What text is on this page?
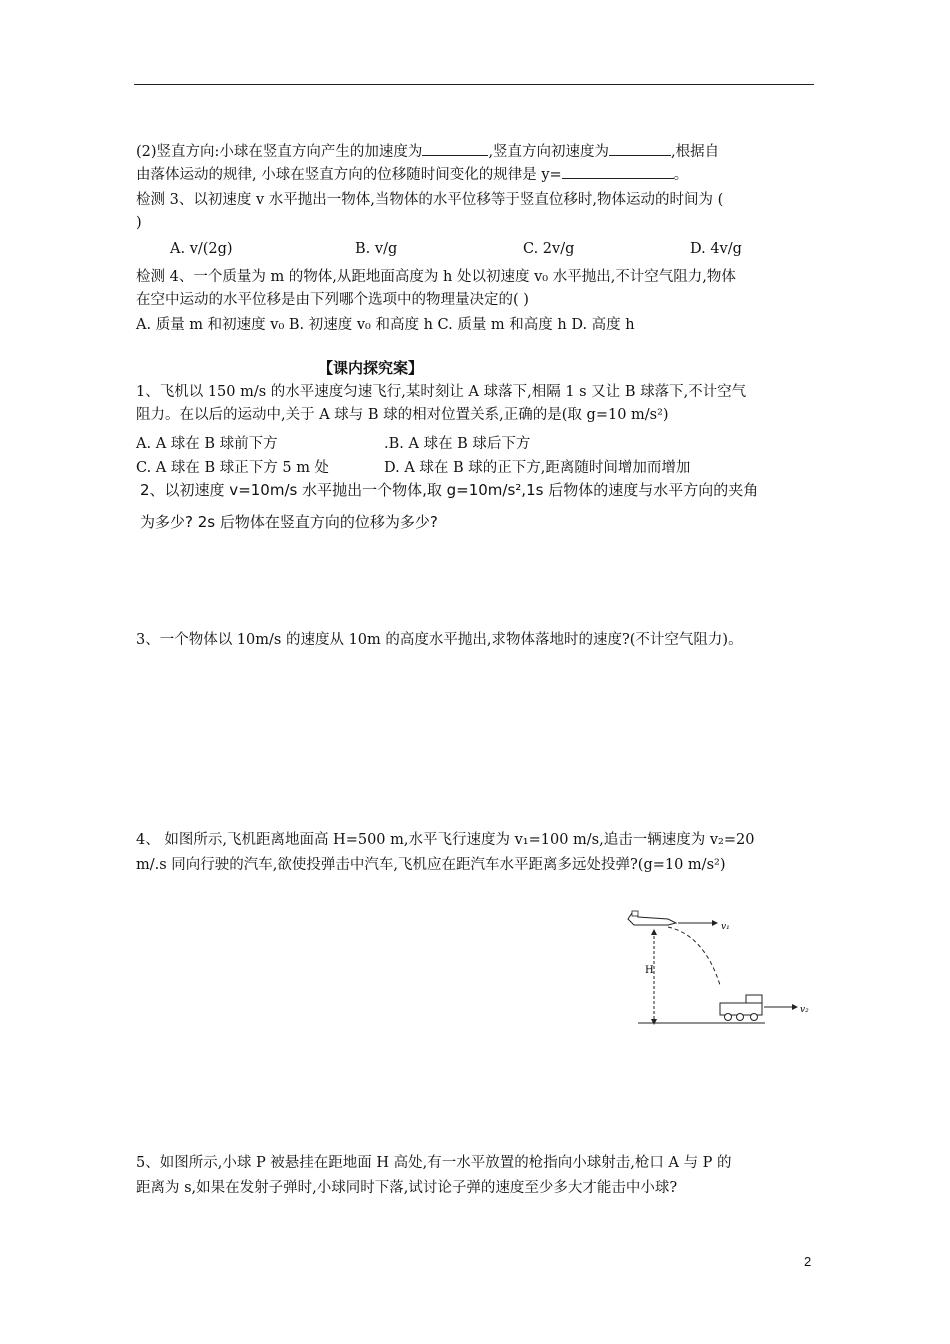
(2)竖直方向:小球在竖直方向产生的加速度为	,竖直方向初速度为	,根据自
由落体运动的规律, 小球在竖直方向的位移随时间变化的规律是 y=	。
检测 3、以初速度 v 水平抛出一物体,当物体的水平位移等于竖直位移时,物体运动的时间为 (
)
A. v/(2g)	B. v/g	C. 2v/g	D. 4v/g
检测 4、一个质量为 m 的物体,从距地面高度为 h 处以初速度 v₀ 水平抛出,不计空气阻力,物体
在空中运动的水平位移是由下列哪个选项中的物理量决定的( )
A. 质量 m 和初速度 v₀ B. 初速度 v₀ 和高度 h C. 质量 m 和高度 h D. 高度 h
【课内探究案】
1、飞机以 150 m/s 的水平速度匀速飞行,某时刻让 A 球落下,相隔 1 s 又让 B 球落下,不计空气
阻力。在以后的运动中,关于 A 球与 B 球的相对位置关系,正确的是(取 g=10 m/s²)
A. A 球在 B 球前下方	.B. A 球在 B 球后下方
C. A 球在 B 球正下方 5 m 处	D. A 球在 B 球的正下方,距离随时间增加而增加
2、以初速度 v=10m/s 水平抛出一个物体,取 g=10m/s²,1s 后物体的速度与水平方向的夹角
为多少? 2s 后物体在竖直方向的位移为多少?
3、一个物体以 10m/s 的速度从 10m 的高度水平抛出,求物体落地时的速度?(不计空气阻力)。
4、 如图所示,飞机距离地面高 H=500 m,水平飞行速度为 v₁=100 m/s,追击一辆速度为 v₂=20
m/.s 同向行驶的汽车,欲使投弹击中汽车,飞机应在距汽车水平距离多远处投弹?(g=10 m/s²)
v₁
H
v₂
5、如图所示,小球 P 被悬挂在距地面 H 高处,有一水平放置的枪指向小球射击,枪口 A 与 P 的
距离为 s,如果在发射子弹时,小球同时下落,试讨论子弹的速度至少多大才能击中小球?
2
